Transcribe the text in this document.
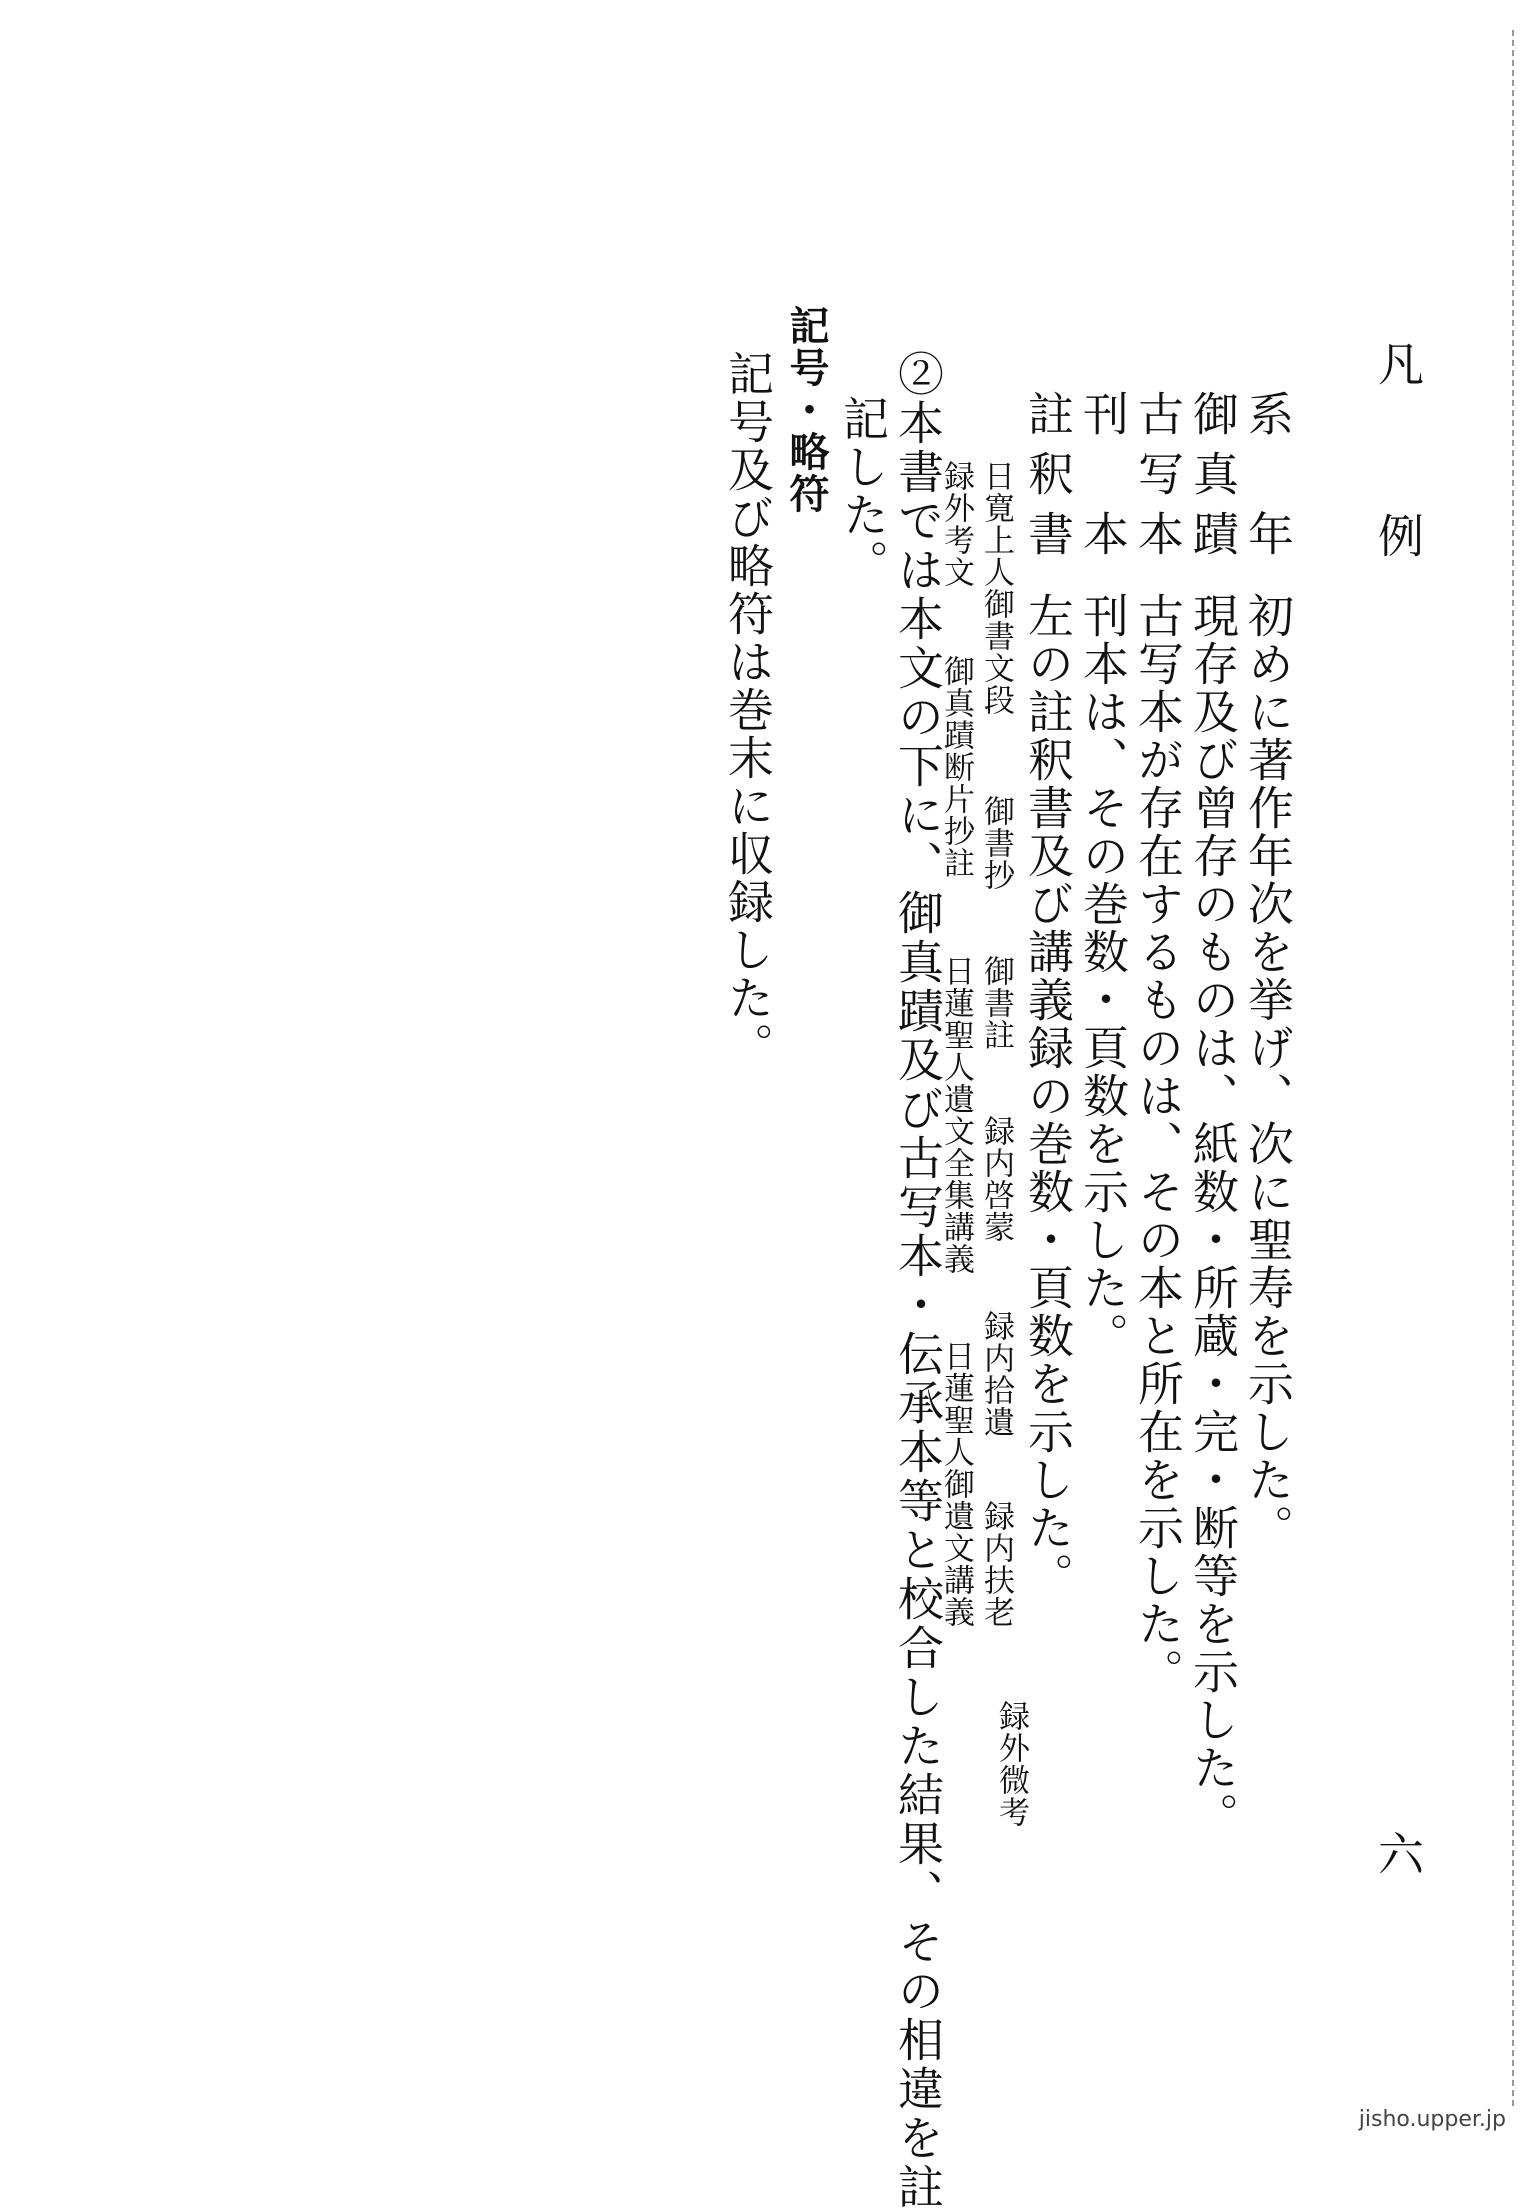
凡　例
六
系　年初めに著作年次を挙げ、次に聖寿を示した。
御真蹟現存及び曾存のものは、紙数・所蔵・完・断等を示した。
古写本古写本が存在するものは、その本と所在を示した。
刊　本刊本は、その巻数・頁数を示した。
註釈書左の註釈書及び講義録の巻数・頁数を示した。
日寛上人御書文段
御書抄
御書註
録内啓蒙
録内拾遺
録内扶老
録外微考
録外考文
御真蹟断片抄註
日蓮聖人遺文全集講義
日蓮聖人御遺文講義
②本書では本文の下に、御真蹟及び古写本・伝承本等と校合した結果、その相違を註
記した。
記号・略符
記号及び略符は巻末に収録した。
jisho.upper.jp
